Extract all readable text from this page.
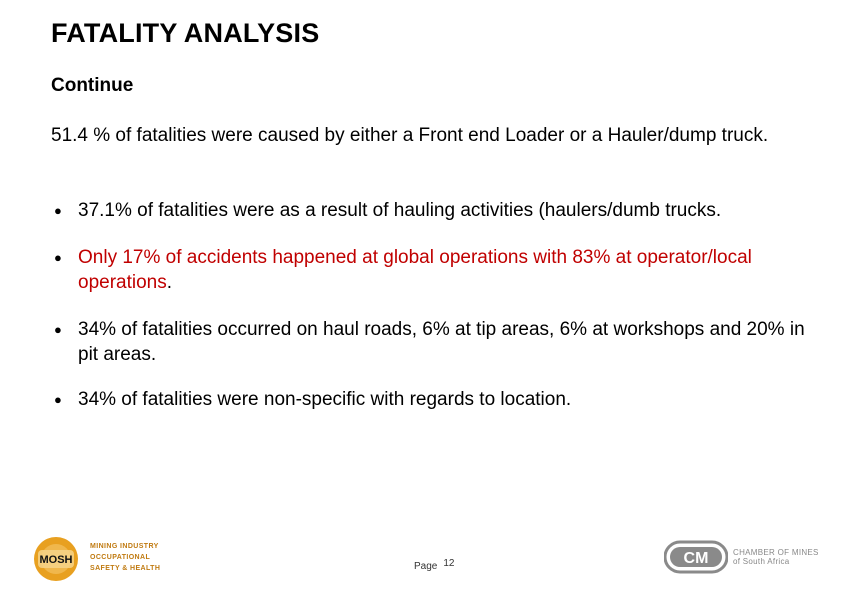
FATALITY ANALYSIS
Continue
51.4 % of fatalities were caused by either a Front end Loader or a Hauler/dump truck.
● 37.1% of fatalities were as a result of hauling activities (haulers/dumb trucks.
● Only 17% of accidents happened at global operations with 83% at operator/local operations.
● 34% of fatalities occurred on haul roads, 6% at tip areas, 6% at workshops and 20% in pit areas.
● 34% of fatalities were non-specific with regards to location.
MOSH
MINING INDUSTRY
OCCUPATIONAL
SAFETY & HEALTH	Page 12	CM	CHAMBER OF MINES
of South Africa
